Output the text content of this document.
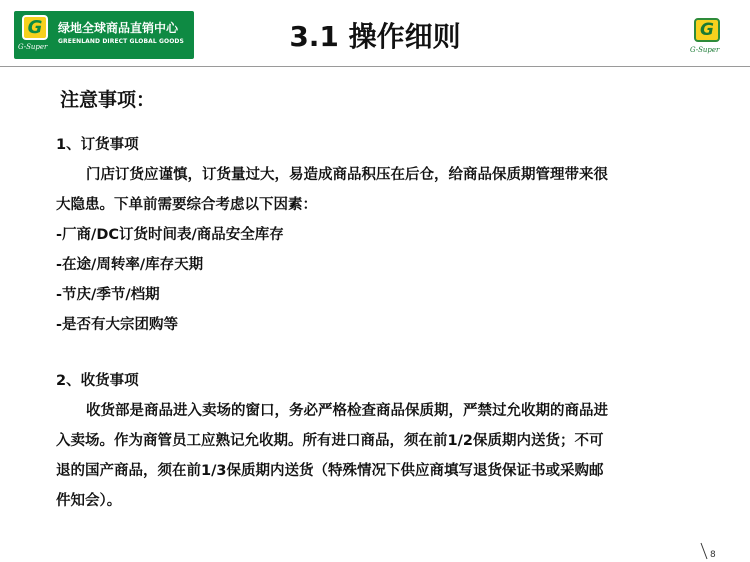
G
G-Super
绿地全球商品直销中心
GREENLAND DIRECT GLOBAL GOODS	3.1 操作细则	G
G-Super
注意事项：
1、订货事项
门店订货应谨慎，订货量过大，易造成商品积压在后仓，给商品保质期管理带来很
大隐患。下单前需要综合考虑以下因素：
-厂商/DC订货时间表/商品安全库存
-在途/周转率/库存天期
-节庆/季节/档期
-是否有大宗团购等
2、收货事项
收货部是商品进入卖场的窗口，务必严格检查商品保质期，严禁过允收期的商品进
入卖场。作为商管员工应熟记允收期。所有进口商品，须在前1/2保质期内送货；不可
退的国产商品，须在前1/3保质期内送货（特殊情况下供应商填写退货保证书或采购邮
件知会）。
8
